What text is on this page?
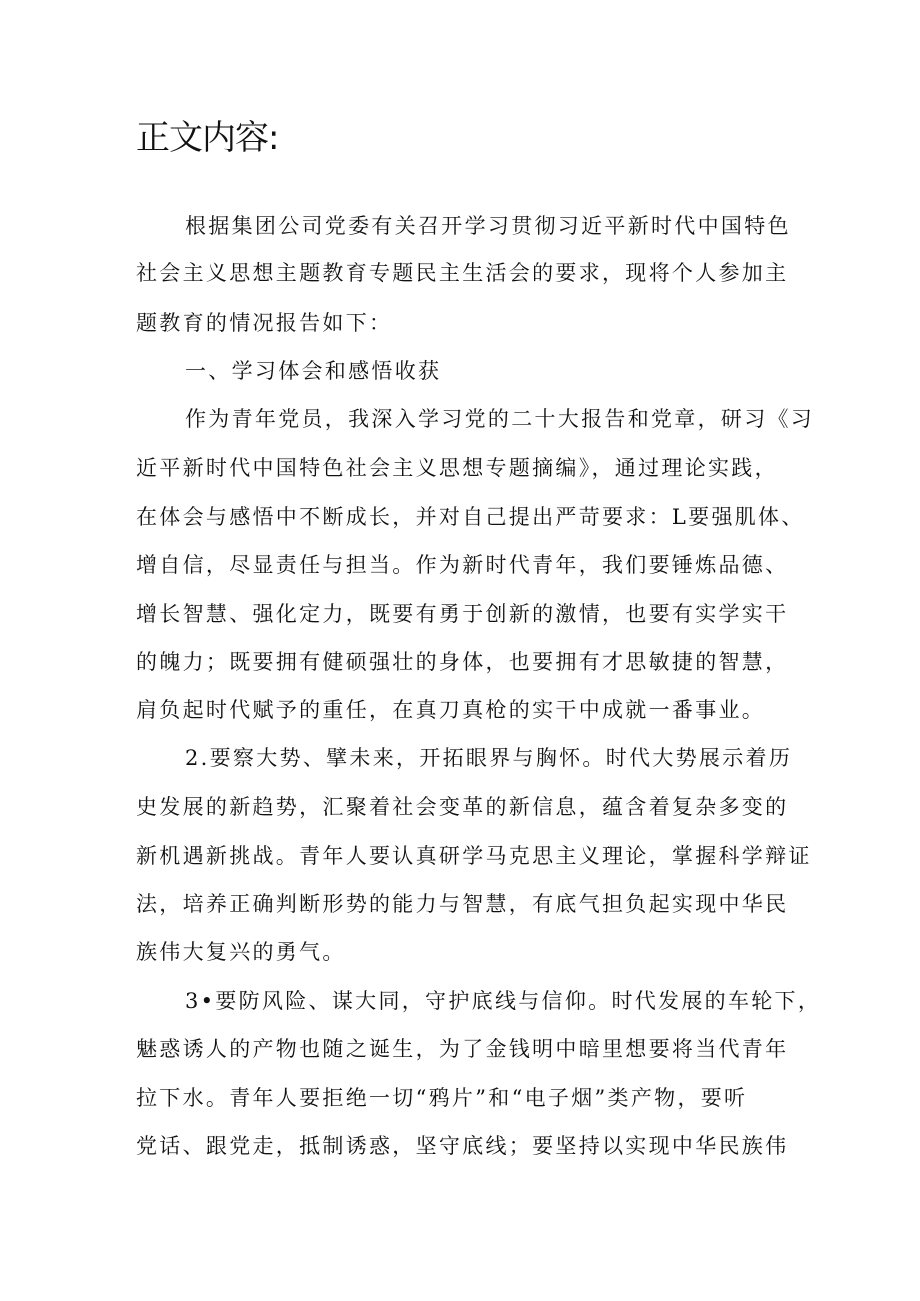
正文内容:
根据集团公司党委有关召开学习贯彻习近平新时代中国特色
社会主义思想主题教育专题民主生活会的要求，现将个人参加主
题教育的情况报告如下：
一、学习体会和感悟收获
作为青年党员，我深入学习党的二十大报告和党章，研习《习
近平新时代中国特色社会主义思想专题摘编》，通过理论实践，
在体会与感悟中不断成长，并对自己提出严苛要求：L要强肌体、
增自信，尽显责任与担当。作为新时代青年，我们要锤炼品德、
增长智慧、强化定力，既要有勇于创新的激情，也要有实学实干
的魄力；既要拥有健硕强壮的身体，也要拥有才思敏捷的智慧，
肩负起时代赋予的重任，在真刀真枪的实干中成就一番事业。
2.要察大势、擘未来，开拓眼界与胸怀。时代大势展示着历
史发展的新趋势，汇聚着社会变革的新信息，蕴含着复杂多变的
新机遇新挑战。青年人要认真研学马克思主义理论，掌握科学辩证
法，培养正确判断形势的能力与智慧，有底气担负起实现中华民
族伟大复兴的勇气。
3•要防风险、谋大同，守护底线与信仰。时代发展的车轮下，
魅惑诱人的产物也随之诞生，为了金钱明中暗里想要将当代青年
拉下水。青年人要拒绝一切“鸦片”和“电子烟”类产物，要听
党话、跟党走，抵制诱惑，坚守底线；要坚持以实现中华民族伟
